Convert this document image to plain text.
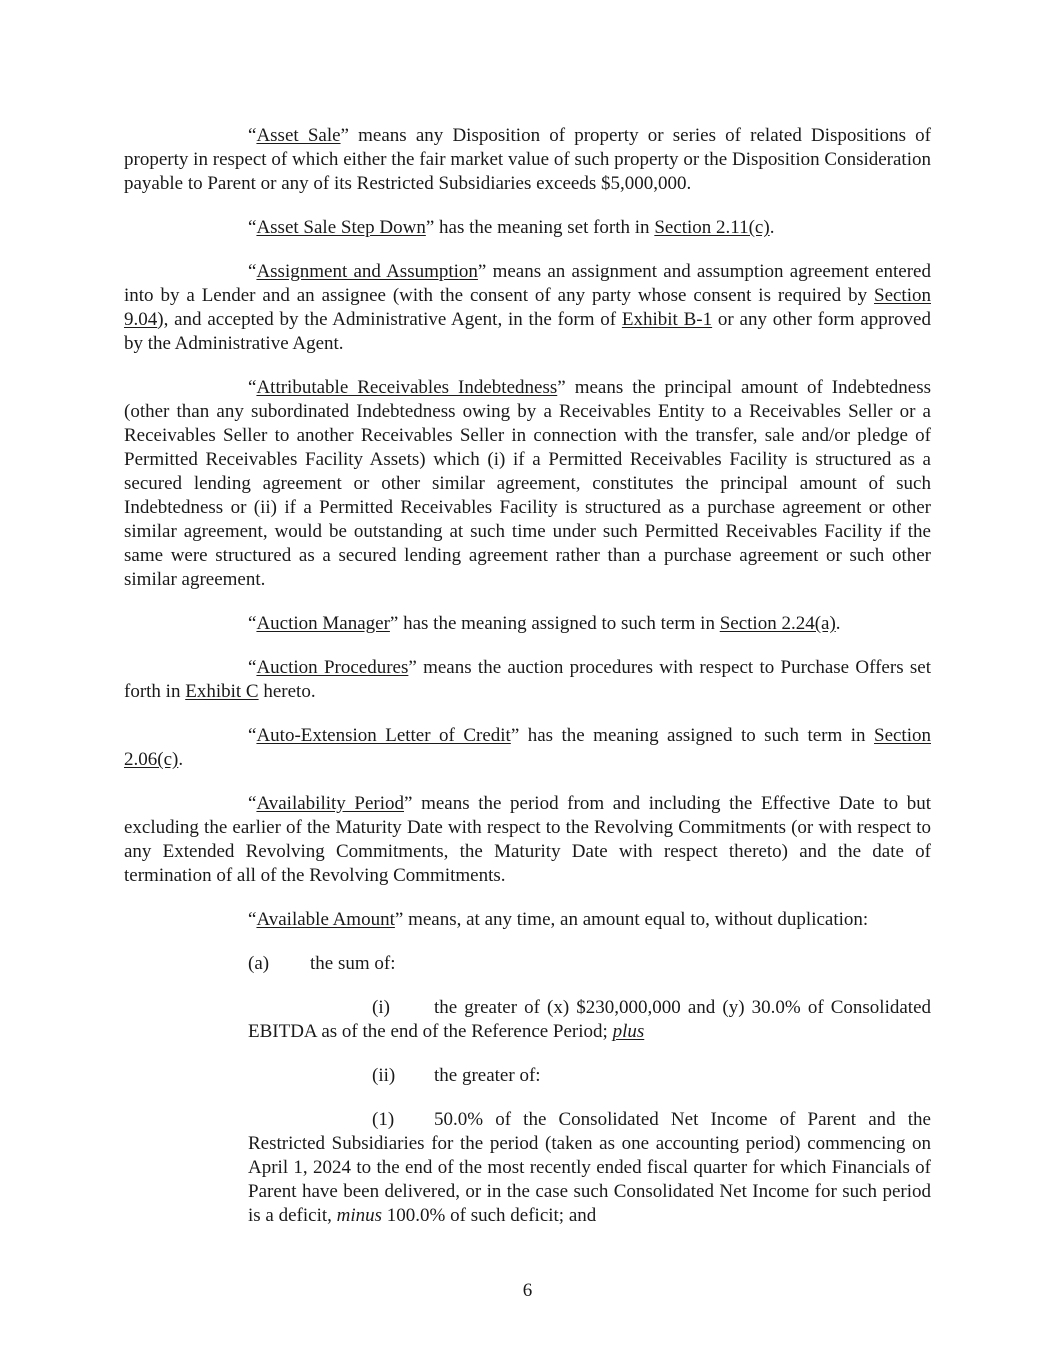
“Asset Sale” means any Disposition of property or series of related Dispositions of property in respect of which either the fair market value of such property or the Disposition Consideration payable to Parent or any of its Restricted Subsidiaries exceeds $5,000,000.

“Asset Sale Step Down” has the meaning set forth in Section 2.11(c).

“Assignment and Assumption” means an assignment and assumption agreement entered into by a Lender and an assignee (with the consent of any party whose consent is required by Section 9.04), and accepted by the Administrative Agent, in the form of Exhibit B-1 or any other form approved by the Administrative Agent.

“Attributable Receivables Indebtedness” means the principal amount of Indebtedness (other than any subordinated Indebtedness owing by a Receivables Entity to a Receivables Seller or a Receivables Seller to another Receivables Seller in connection with the transfer, sale and/or pledge of Permitted Receivables Facility Assets) which (i) if a Permitted Receivables Facility is structured as a secured lending agreement or other similar agreement, constitutes the principal amount of such Indebtedness or (ii) if a Permitted Receivables Facility is structured as a purchase agreement or other similar agreement, would be outstanding at such time under such Permitted Receivables Facility if the same were structured as a secured lending agreement rather than a purchase agreement or such other similar agreement.

“Auction Manager” has the meaning assigned to such term in Section 2.24(a).

“Auction Procedures” means the auction procedures with respect to Purchase Offers set forth in Exhibit C hereto.

“Auto-Extension Letter of Credit” has the meaning assigned to such term in Section 2.06(c).

“Availability Period” means the period from and including the Effective Date to but excluding the earlier of the Maturity Date with respect to the Revolving Commitments (or with respect to any Extended Revolving Commitments, the Maturity Date with respect thereto) and the date of termination of all of the Revolving Commitments.

“Available Amount” means, at any time, an amount equal to, without duplication:

(a) the sum of:

(i) the greater of (x) $230,000,000 and (y) 30.0% of Consolidated EBITDA as of the end of the Reference Period; plus

(ii) the greater of:

(1) 50.0% of the Consolidated Net Income of Parent and the Restricted Subsidiaries for the period (taken as one accounting period) commencing on April 1, 2024 to the end of the most recently ended fiscal quarter for which Financials of Parent have been delivered, or in the case such Consolidated Net Income for such period is a deficit, minus 100.0% of such deficit; and

6
